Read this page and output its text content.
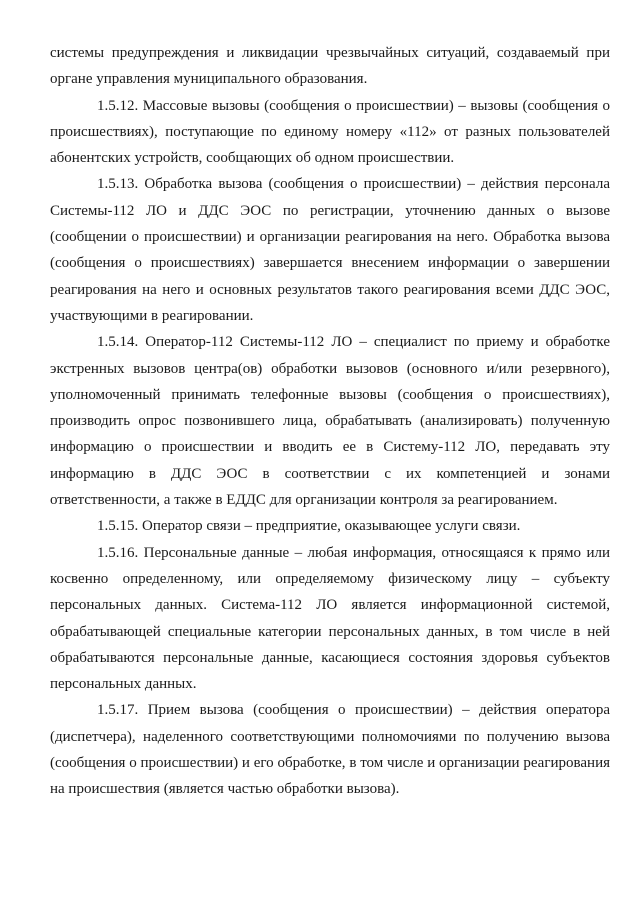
системы предупреждения и ликвидации чрезвычайных ситуаций, создаваемый при органе управления муниципального образования.

1.5.12. Массовые вызовы (сообщения о происшествии) – вызовы (сообщения о происшествиях), поступающие по единому номеру «112» от разных пользователей абонентских устройств, сообщающих об одном происшествии.

1.5.13. Обработка вызова (сообщения о происшествии) – действия персонала Системы-112 ЛО и ДДС ЭОС по регистрации, уточнению данных о вызове (сообщении о происшествии) и организации реагирования на него. Обработка вызова (сообщения о происшествиях) завершается внесением информации о завершении реагирования на него и основных результатов такого реагирования всеми ДДС ЭОС, участвующими в реагировании.

1.5.14. Оператор-112 Системы-112 ЛО – специалист по приему и обработке экстренных вызовов центра(ов) обработки вызовов (основного и/или резервного), уполномоченный принимать телефонные вызовы (сообщения о происшествиях), производить опрос позвонившего лица, обрабатывать (анализировать) полученную информацию о происшествии и вводить ее в Систему-112 ЛО, передавать эту информацию в ДДС ЭОС в соответствии с их компетенцией и зонами ответственности, а также в ЕДДС для организации контроля за реагированием.

1.5.15. Оператор связи – предприятие, оказывающее услуги связи.

1.5.16. Персональные данные – любая информация, относящаяся к прямо или косвенно определенному, или определяемому физическому лицу – субъекту персональных данных. Система-112 ЛО является информационной системой, обрабатывающей специальные категории персональных данных, в том числе в ней обрабатываются персональные данные, касающиеся состояния здоровья субъектов персональных данных.

1.5.17. Прием вызова (сообщения о происшествии) – действия оператора (диспетчера), наделенного соответствующими полномочиями по получению вызова (сообщения о происшествии) и его обработке, в том числе и организации реагирования на происшествия (является частью обработки вызова).
